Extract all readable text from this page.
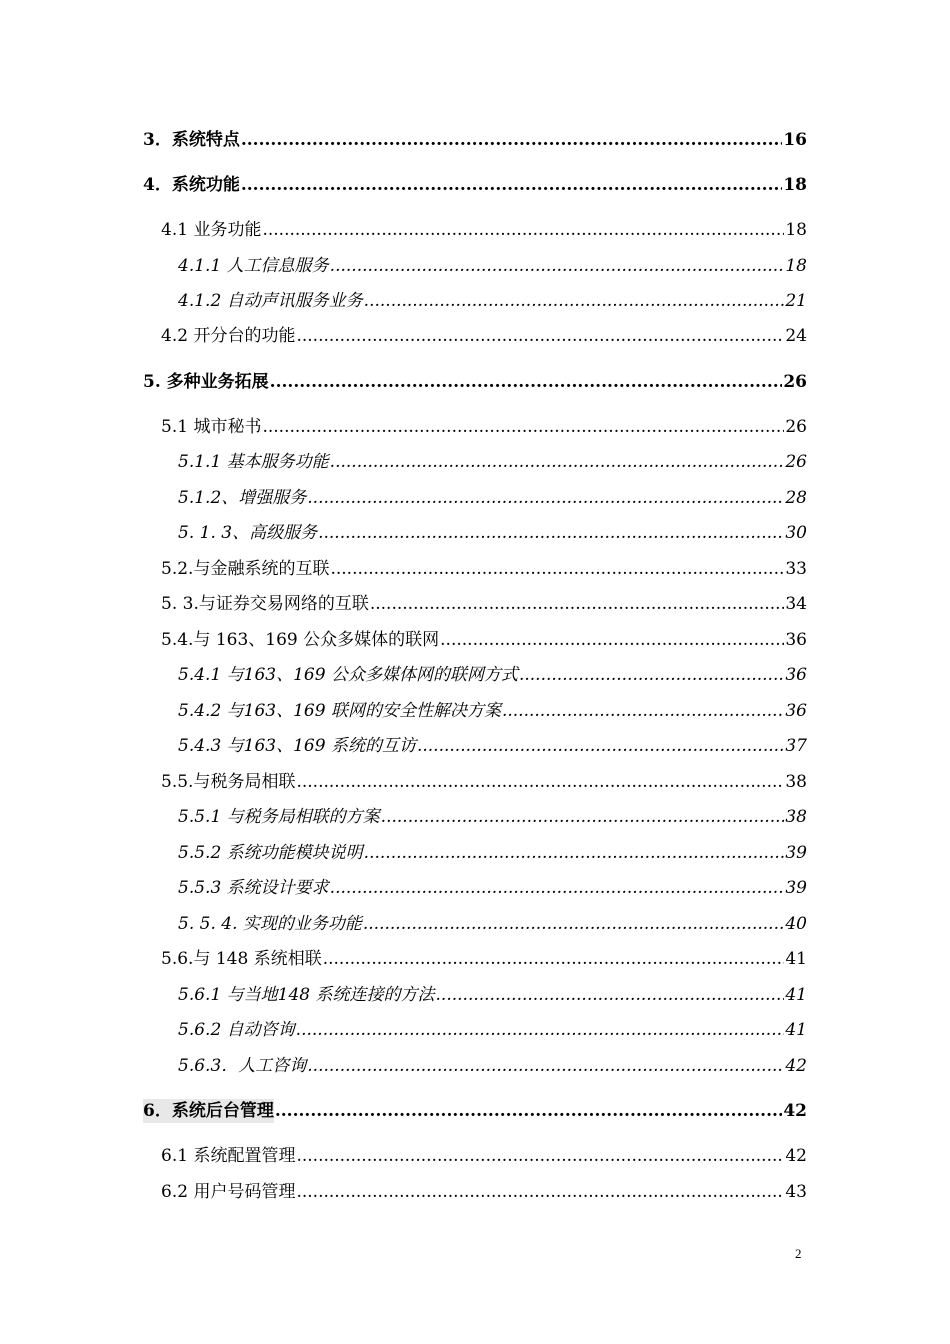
3．系统特点 .....	16
4．系统功能 .....	18
4.1 业务功能 .....	18
4.1.1 人工信息服务 .....	18
4.1.2 自动声讯服务业务 .....	21
4.2 开分台的功能 .....	24
5. 多种业务拓展 .....	26
5.1 城市秘书 .....	26
5.1.1 基本服务功能 .....	26
5.1.2、增强服务 .....	28
5. 1. 3、高级服务 .....	30
5.2.与金融系统的互联 .....	33
5. 3.与证券交易网络的互联 .....	34
5.4.与 163、169 公众多媒体的联网 .....	36
5.4.1 与163、169 公众多媒体网的联网方式 .....	36
5.4.2 与163、169 联网的安全性解决方案 .....	36
5.4.3 与163、169 系统的互访 .....	37
5.5.与税务局相联 .....	38
5.5.1 与税务局相联的方案 .....	38
5.5.2 系统功能模块说明 .....	39
5.5.3 系统设计要求 .....	39
5. 5. 4. 实现的业务功能 .....	40
5.6.与 148 系统相联 .....	41
5.6.1 与当地148 系统连接的方法 .....	41
5.6.2 自动咨询 .....	41
5.6.3．人工咨询 .....	42
6．系统后台管理 .....	42
6.1 系统配置管理 .....	42
6.2 用户号码管理 .....	43
2
